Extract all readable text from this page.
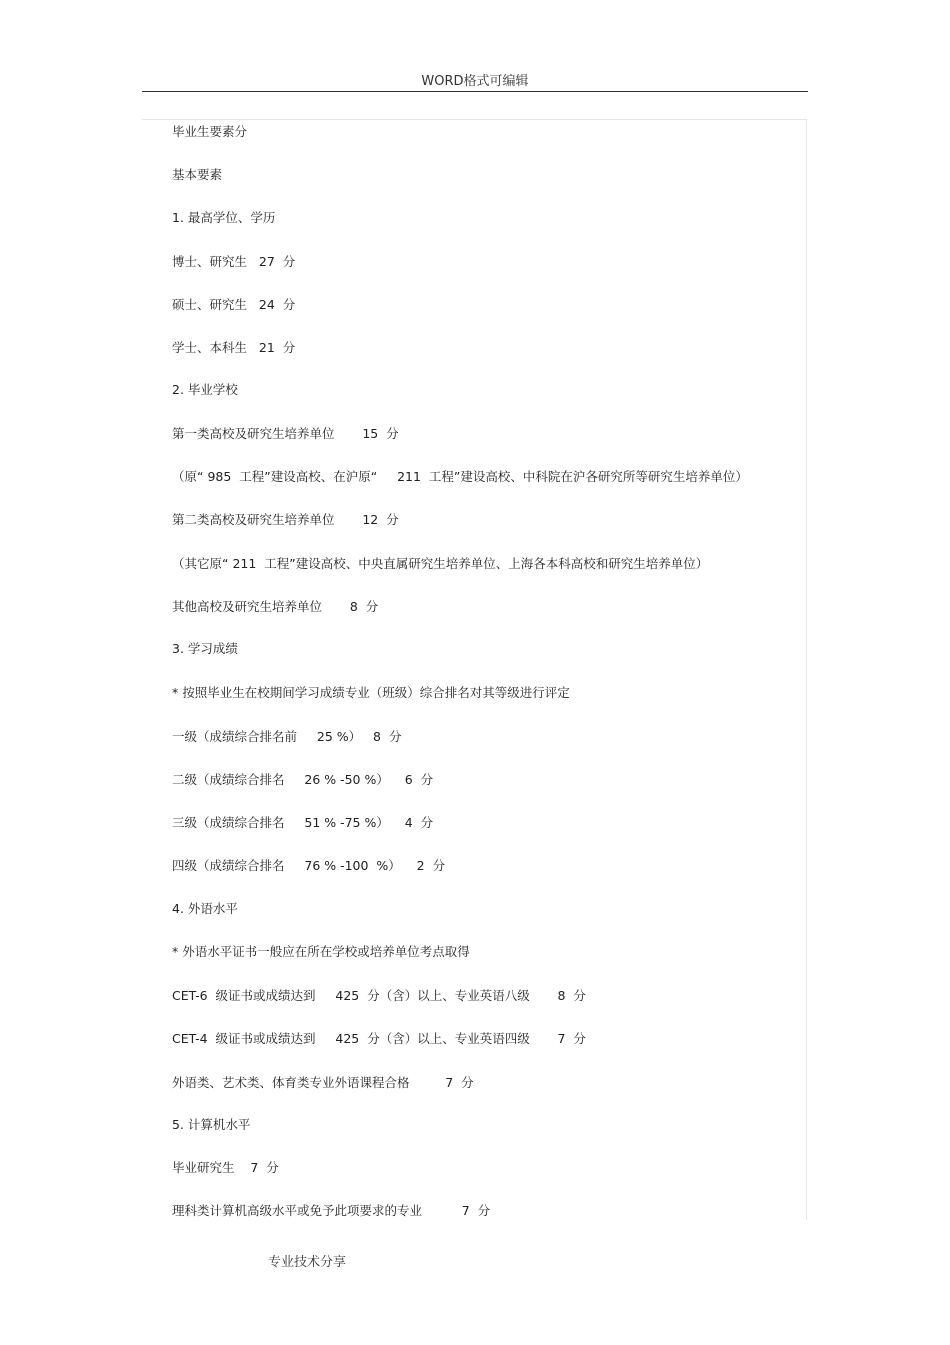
WORD格式可编辑
毕业生要素分
基本要素
1. 最高学位、学历
博士、研究生   27  分
硕士、研究生   24  分
学士、本科生   21  分
2. 毕业学校
第一类高校及研究生培养单位       15  分
（原“ 985  工程”建设高校、在沪原“     211  工程”建设高校、中科院在沪各研究所等研究生培养单位）
第二类高校及研究生培养单位       12  分
（其它原“ 211  工程”建设高校、中央直属研究生培养单位、上海各本科高校和研究生培养单位）
其他高校及研究生培养单位       8  分
3. 学习成绩
* 按照毕业生在校期间学习成绩专业（班级）综合排名对其等级进行评定
一级（成绩综合排名前     25 %）   8  分
二级（成绩综合排名     26 % -50 %）    6  分
三级（成绩综合排名     51 % -75 %）    4  分
四级（成绩综合排名     76 % -100  %）    2  分
4. 外语水平
* 外语水平证书一般应在所在学校或培养单位考点取得
CET-6  级证书或成绩达到     425  分（含）以上、专业英语八级       8  分
CET-4  级证书或成绩达到     425  分（含）以上、专业英语四级       7  分
外语类、艺术类、体育类专业外语课程合格         7  分
5. 计算机水平
毕业研究生    7  分
理科类计算机高级水平或免予此项要求的专业          7  分
专业技术分享
